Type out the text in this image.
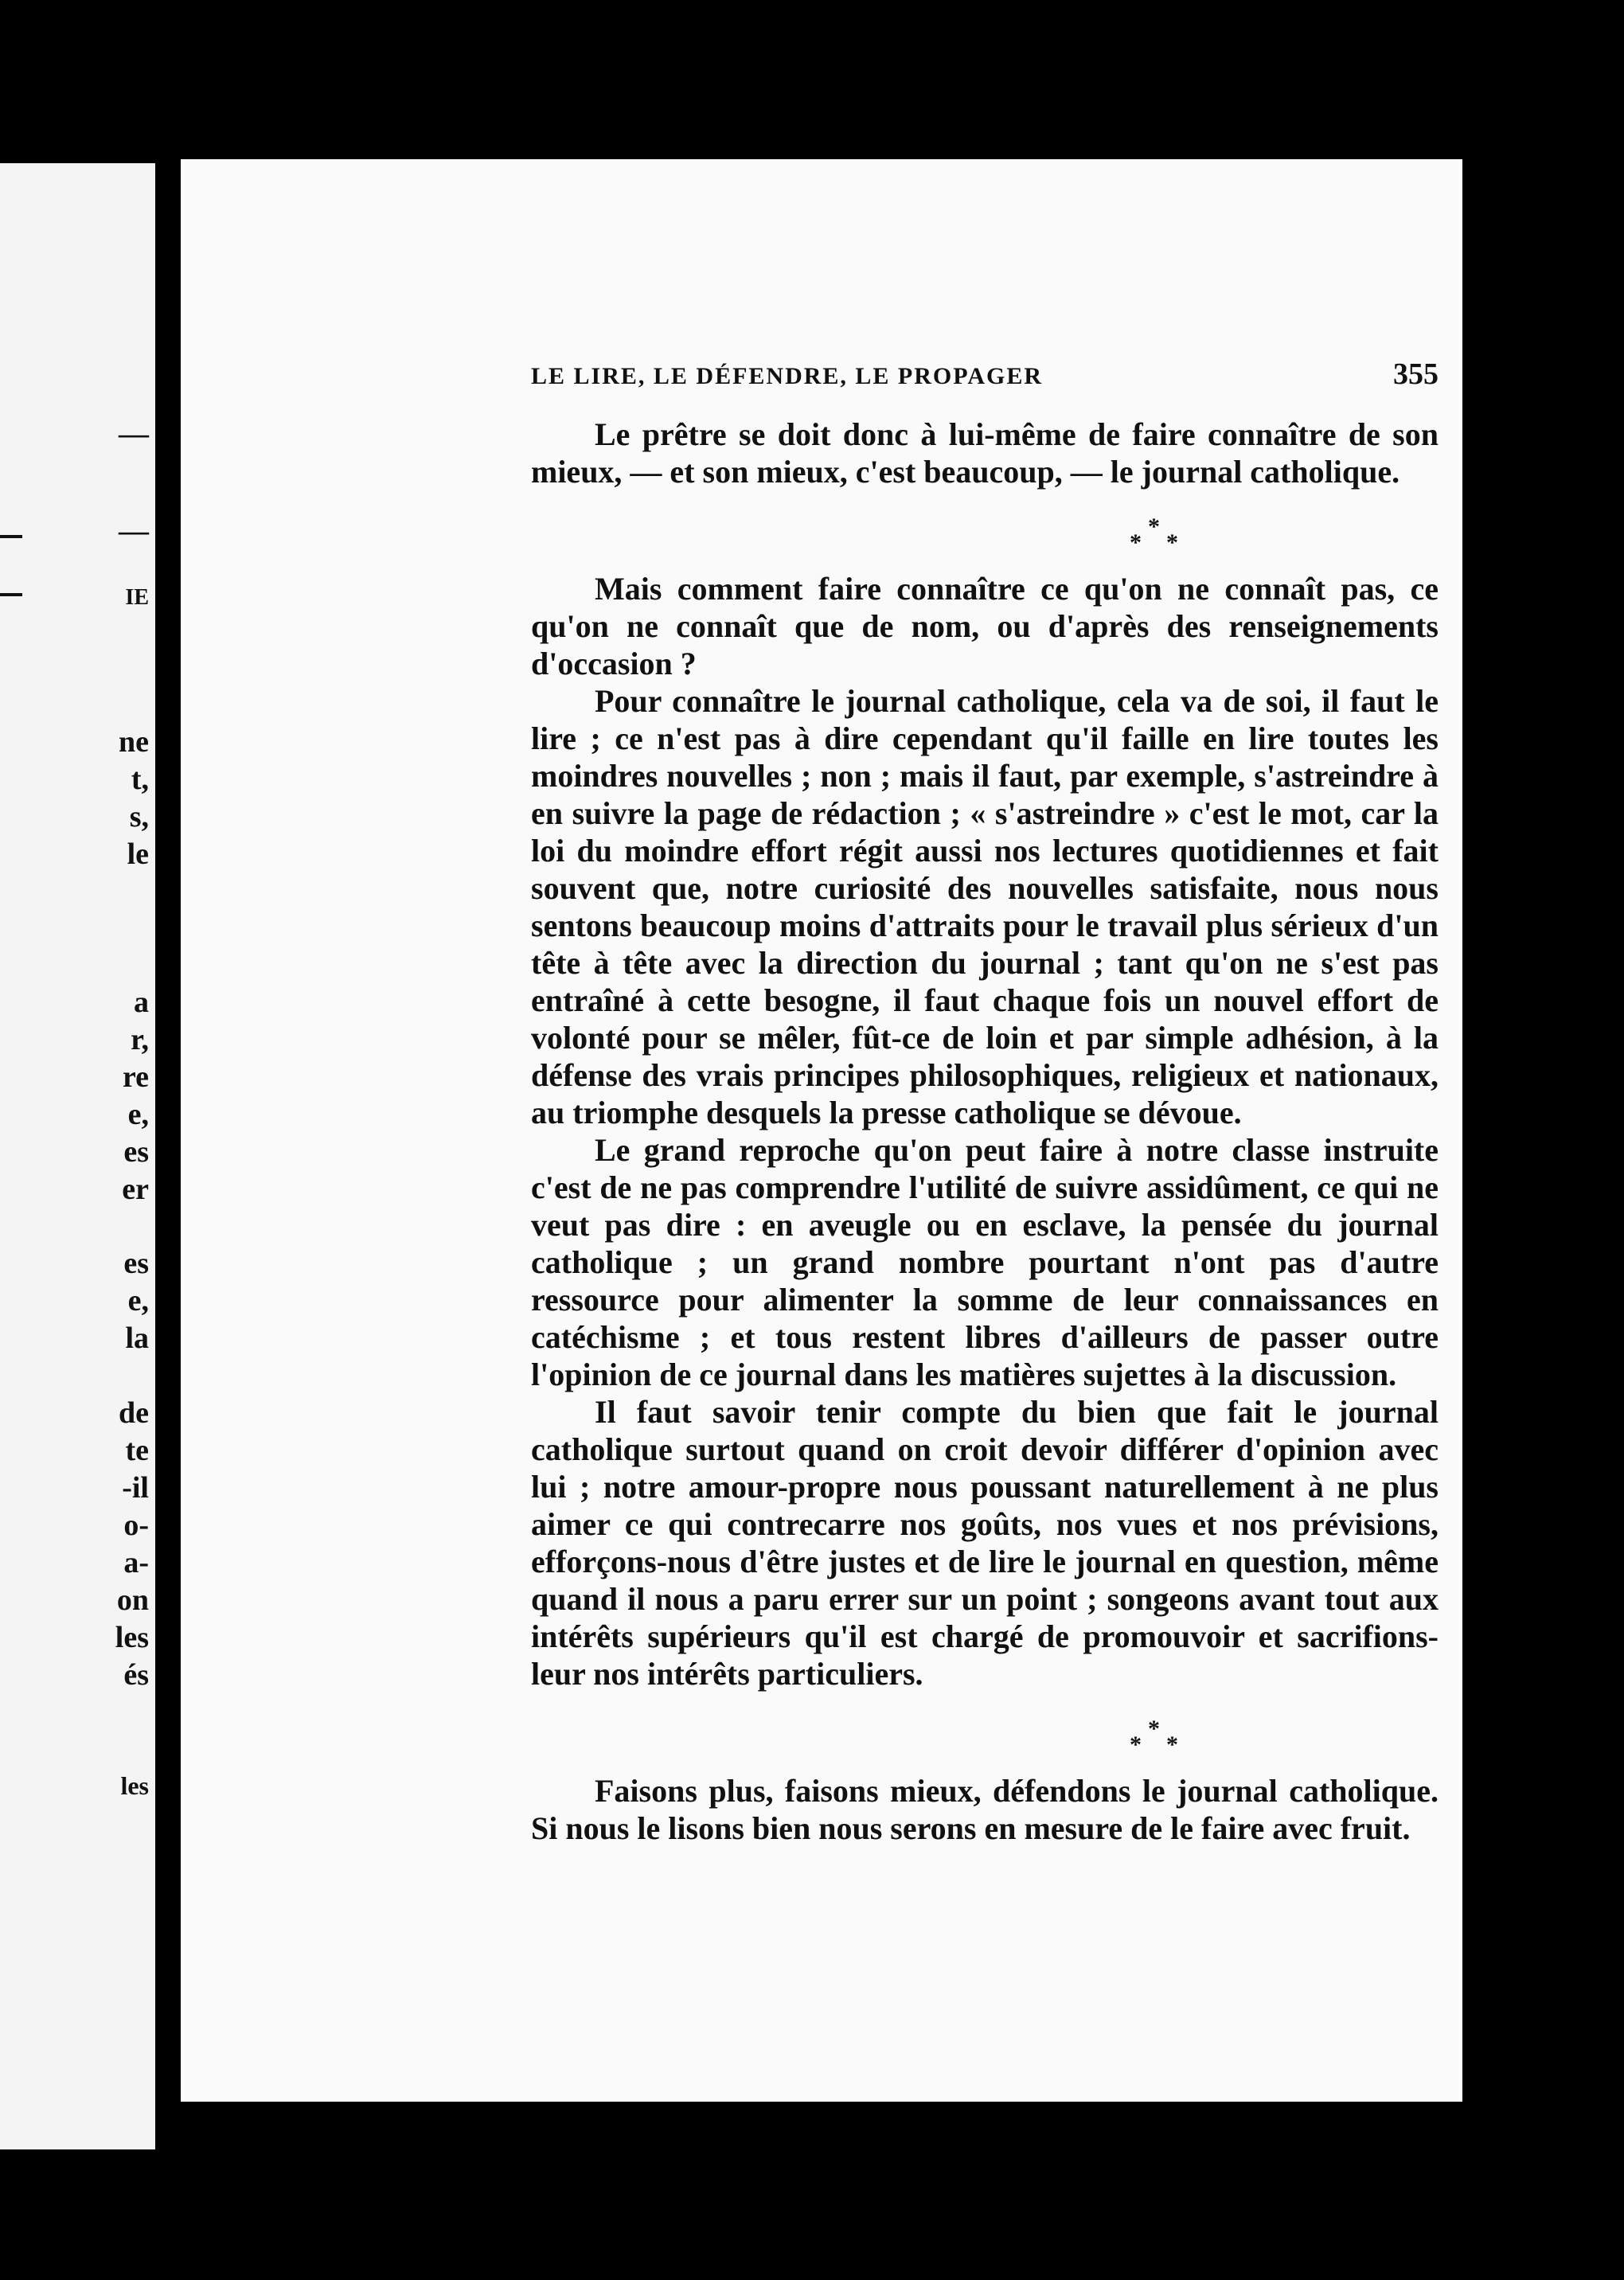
—
—
IE
ne
t,
s,
le
a
r,
re
e,
es
er
es
e,
la
de
te
-il
o-
a-
on
les
és
les
LE LIRE, LE DÉFENDRE, LE PROPAGER	355

Le prêtre se doit donc à lui-même de faire connaître de son mieux, — et son mieux, c'est beaucoup, — le journal catholique.

*
*
*

Mais comment faire connaître ce qu'on ne connaît pas, ce qu'on ne connaît que de nom, ou d'après des renseignements d'occasion ?

Pour connaître le journal catholique, cela va de soi, il faut le lire ; ce n'est pas à dire cependant qu'il faille en lire toutes les moindres nouvelles ; non ; mais il faut, par exemple, s'astreindre à en suivre la page de rédaction ; « s'astreindre » c'est le mot, car la loi du moindre effort régit aussi nos lectures quotidiennes et fait souvent que, notre curiosité des nouvelles satisfaite, nous nous sentons beaucoup moins d'attraits pour le travail plus sérieux d'un tête à tête avec la direction du journal ; tant qu'on ne s'est pas entraîné à cette besogne, il faut chaque fois un nouvel effort de volonté pour se mêler, fût-ce de loin et par simple adhésion, à la défense des vrais principes philosophiques, religieux et nationaux, au triomphe desquels la presse catholique se dévoue.

Le grand reproche qu'on peut faire à notre classe instruite c'est de ne pas comprendre l'utilité de suivre assidûment, ce qui ne veut pas dire : en aveugle ou en esclave, la pensée du journal catholique ; un grand nombre pourtant n'ont pas d'autre ressource pour alimenter la somme de leur connaissances en catéchisme ; et tous restent libres d'ailleurs de passer outre l'opinion de ce journal dans les matières sujettes à la discussion.

Il faut savoir tenir compte du bien que fait le journal catholique surtout quand on croit devoir différer d'opinion avec lui ; notre amour-propre nous poussant naturellement à ne plus aimer ce qui contrecarre nos goûts, nos vues et nos prévisions, efforçons-nous d'être justes et de lire le journal en question, même quand il nous a paru errer sur un point ; songeons avant tout aux intérêts supérieurs qu'il est chargé de promouvoir et sacrifions-leur nos intérêts particuliers.

*
*
*

Faisons plus, faisons mieux, défendons le journal catholique. Si nous le lisons bien nous serons en mesure de le faire avec fruit.
